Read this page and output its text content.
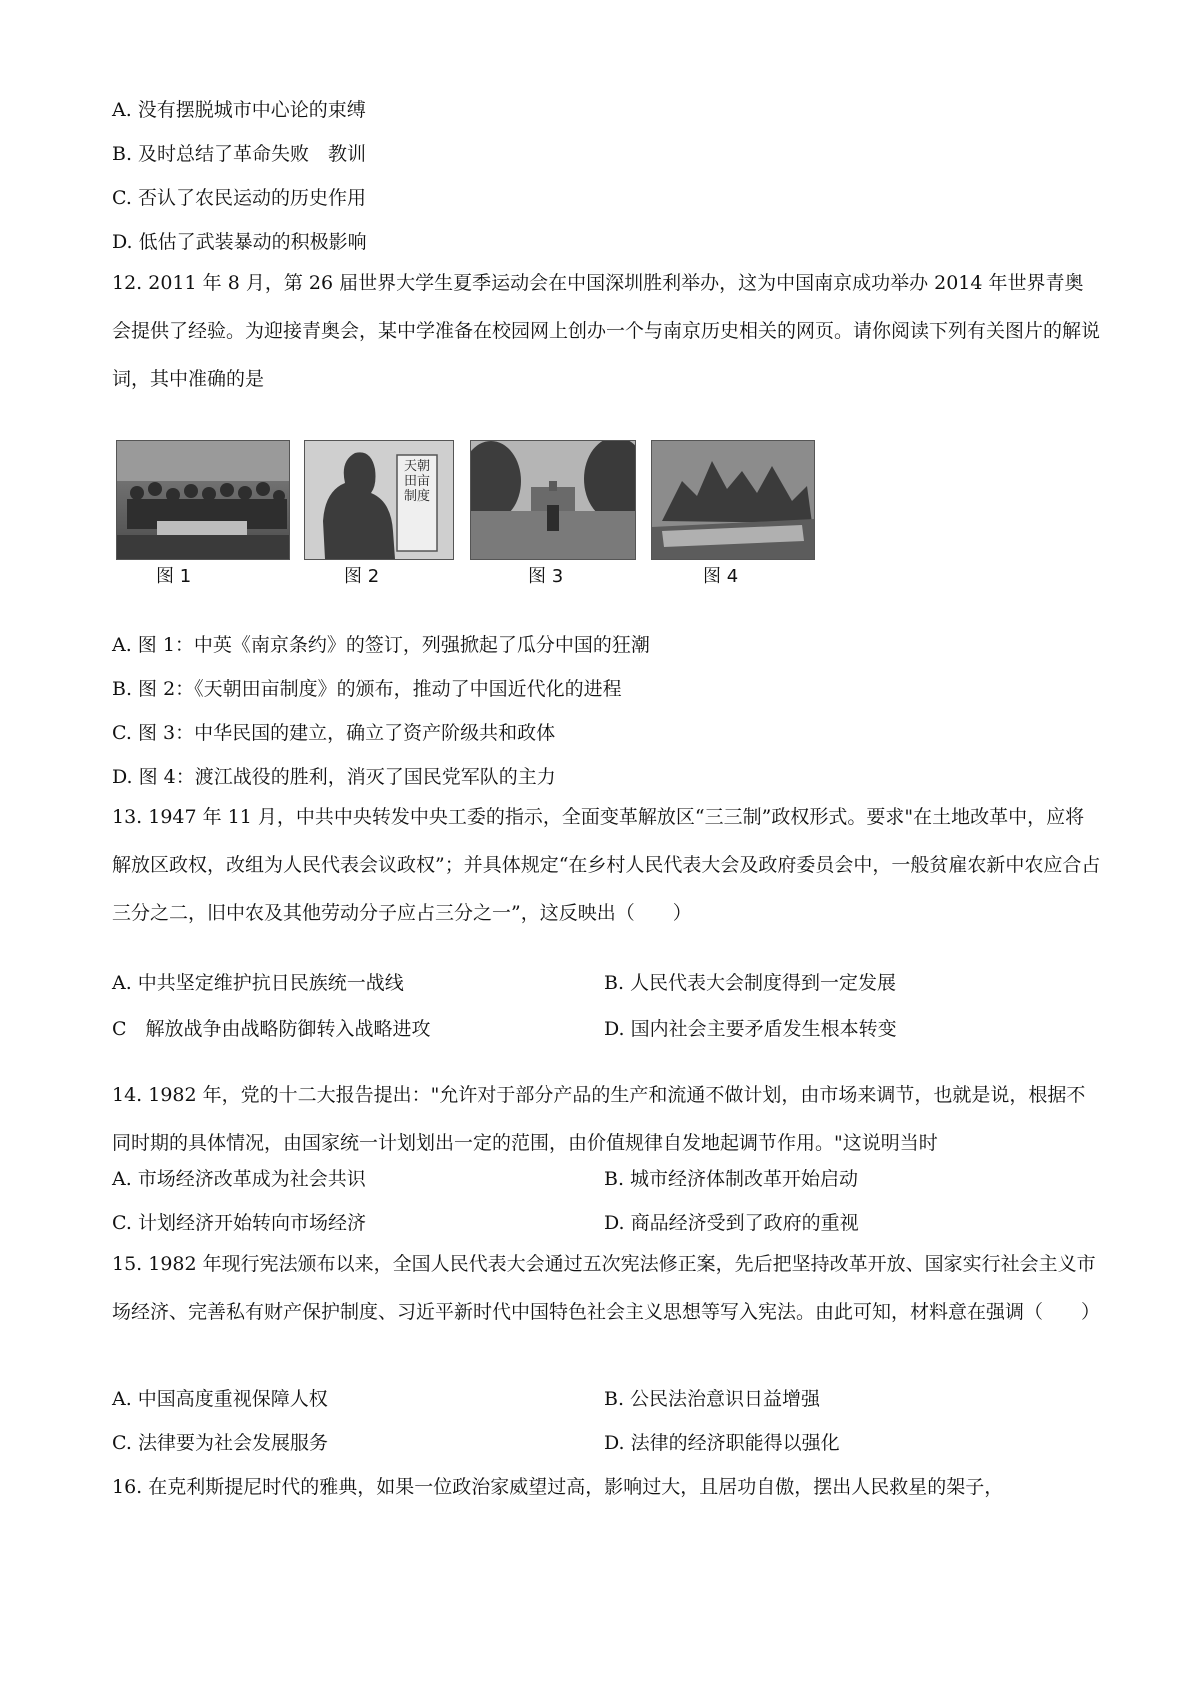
A. 没有摆脱城市中心论的束缚
B. 及时总结了革命失败　教训
C. 否认了农民运动的历史作用
D. 低估了武装暴动的积极影响
12. 2011 年 8 月，第 26 届世界大学生夏季运动会在中国深圳胜利举办，这为中国南京成功举办 2014 年世界青奥会提供了经验。为迎接青奥会，某中学准备在校园网上创办一个与南京历史相关的网页。请你阅读下列有关图片的解说词，其中准确的是
图 1
天朝田亩制度
图 2	图 3	图 4
A. 图 1：中英《南京条约》的签订，列强掀起了瓜分中国的狂潮
B. 图 2：《天朝田亩制度》的颁布，推动了中国近代化的进程
C. 图 3：中华民国的建立，确立了资产阶级共和政体
D. 图 4：渡江战役的胜利，消灭了国民党军队的主力
13. 1947 年 11 月，中共中央转发中央工委的指示，全面变革解放区“三三制”政权形式。要求"在土地改革中，应将解放区政权，改组为人民代表会议政权”；并具体规定“在乡村人民代表大会及政府委员会中，一般贫雇农新中农应合占三分之二，旧中农及其他劳动分子应占三分之一”，这反映出（　　）
A. 中共坚定维护抗日民族统一战线	B. 人民代表大会制度得到一定发展
C　解放战争由战略防御转入战略进攻	D. 国内社会主要矛盾发生根本转变
14. 1982 年，党的十二大报告提出："允许对于部分产品的生产和流通不做计划，由市场来调节，也就是说，根据不同时期的具体情况，由国家统一计划划出一定的范围，由价值规律自发地起调节作用。"这说明当时
A. 市场经济改革成为社会共识	B. 城市经济体制改革开始启动
C. 计划经济开始转向市场经济	D. 商品经济受到了政府的重视
15. 1982 年现行宪法颁布以来，全国人民代表大会通过五次宪法修正案，先后把坚持改革开放、国家实行社会主义市场经济、完善私有财产保护制度、习近平新时代中国特色社会主义思想等写入宪法。由此可知，材料意在强调（　　）
A. 中国高度重视保障人权	B. 公民法治意识日益增强
C. 法律要为社会发展服务	D. 法律的经济职能得以强化
16. 在克利斯提尼时代的雅典，如果一位政治家威望过高，影响过大，且居功自傲，摆出人民救星的架子，
